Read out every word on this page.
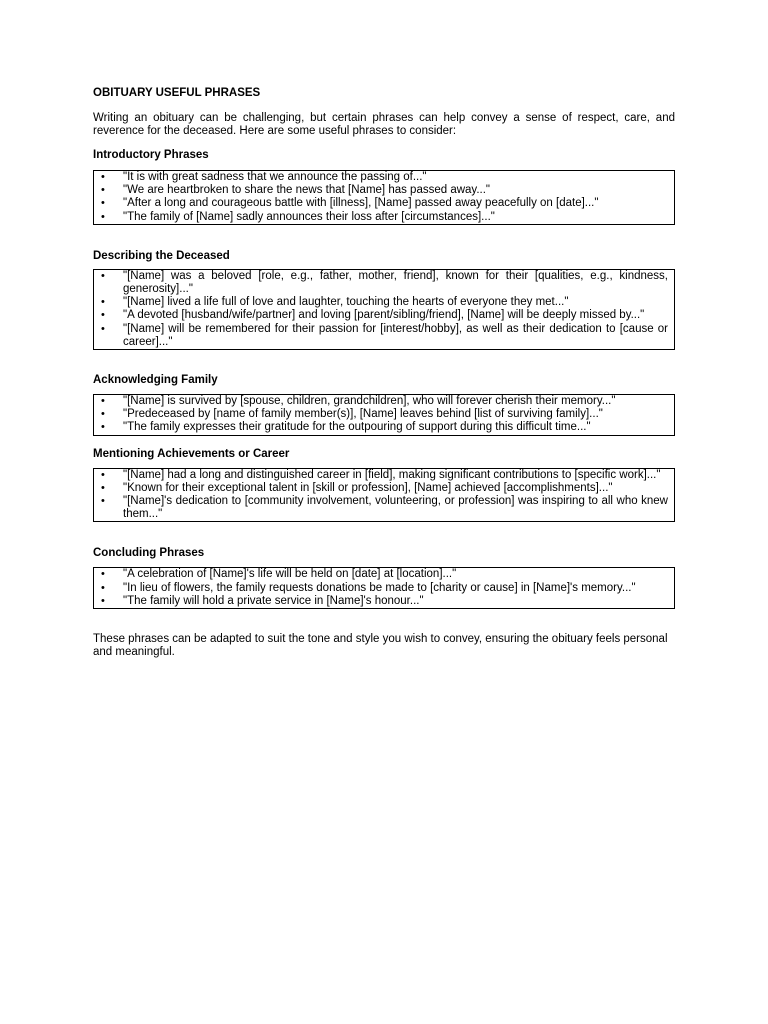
OBITUARY USEFUL PHRASES

Writing an obituary can be challenging, but certain phrases can help convey a sense of respect, care, and reverence for the deceased. Here are some useful phrases to consider:

Introductory Phrases

• "It is with great sadness that we announce the passing of..."
• "We are heartbroken to share the news that [Name] has passed away..."
• "After a long and courageous battle with [illness], [Name] passed away peacefully on [date]..."
• "The family of [Name] sadly announces their loss after [circumstances]..."

Describing the Deceased

• "[Name] was a beloved [role, e.g., father, mother, friend], known for their [qualities, e.g., kindness, generosity]..."
• "[Name] lived a life full of love and laughter, touching the hearts of everyone they met..."
• "A devoted [husband/wife/partner] and loving [parent/sibling/friend], [Name] will be deeply missed by..."
• "[Name] will be remembered for their passion for [interest/hobby], as well as their dedication to [cause or career]..."

Acknowledging Family

• "[Name] is survived by [spouse, children, grandchildren], who will forever cherish their memory..."
• "Predeceased by [name of family member(s)], [Name] leaves behind [list of surviving family]..."
• "The family expresses their gratitude for the outpouring of support during this difficult time..."

Mentioning Achievements or Career

• "[Name] had a long and distinguished career in [field], making significant contributions to [specific work]..."
• "Known for their exceptional talent in [skill or profession], [Name] achieved [accomplishments]..."
• "[Name]'s dedication to [community involvement, volunteering, or profession] was inspiring to all who knew them..."

Concluding Phrases

• "A celebration of [Name]'s life will be held on [date] at [location]..."
• "In lieu of flowers, the family requests donations be made to [charity or cause] in [Name]'s memory..."
• "The family will hold a private service in [Name]'s honour..."

These phrases can be adapted to suit the tone and style you wish to convey, ensuring the obituary feels personal and meaningful.
